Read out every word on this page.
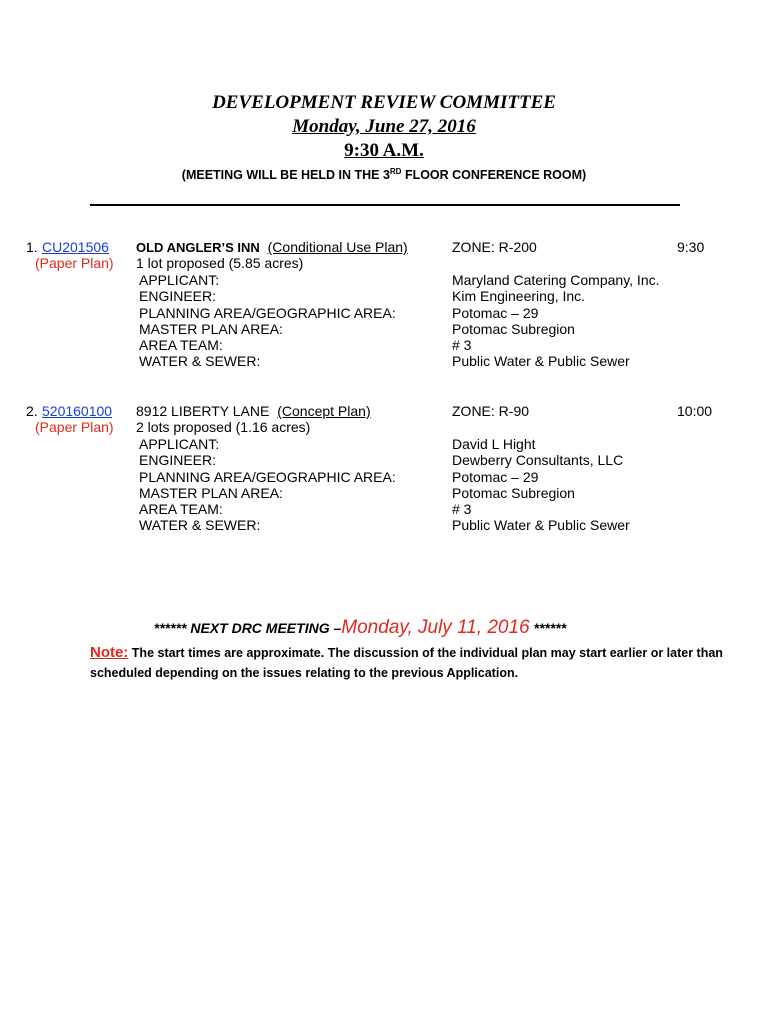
DEVELOPMENT REVIEW COMMITTEE
Monday, June 27, 2016
9:30 A.M.
(MEETING WILL BE HELD IN THE 3RD FLOOR CONFERENCE ROOM)
1. CU201506
(Paper Plan)
OLD ANGLER’S INN (Conditional Use Plan)
1 lot proposed (5.85 acres)
ZONE: R-200	9:30
APPLICANT:
ENGINEER:
PLANNING AREA/GEOGRAPHIC AREA:
MASTER PLAN AREA:
AREA TEAM:
WATER & SEWER:
Maryland Catering Company, Inc.
Kim Engineering, Inc.
Potomac – 29
Potomac Subregion
# 3
Public Water & Public Sewer
2. 520160100
(Paper Plan)
8912 LIBERTY LANE (Concept Plan)
2 lots proposed (1.16 acres)
ZONE: R-90	10:00
APPLICANT:
ENGINEER:
PLANNING AREA/GEOGRAPHIC AREA:
MASTER PLAN AREA:
AREA TEAM:
WATER & SEWER:
David L Hight
Dewberry Consultants, LLC
Potomac – 29
Potomac Subregion
# 3
Public Water & Public Sewer
****** NEXT DRC MEETING –Monday, July 11, 2016 ******
Note: The start times are approximate. The discussion of the individual plan may start earlier or later than scheduled depending on the issues relating to the previous Application.
